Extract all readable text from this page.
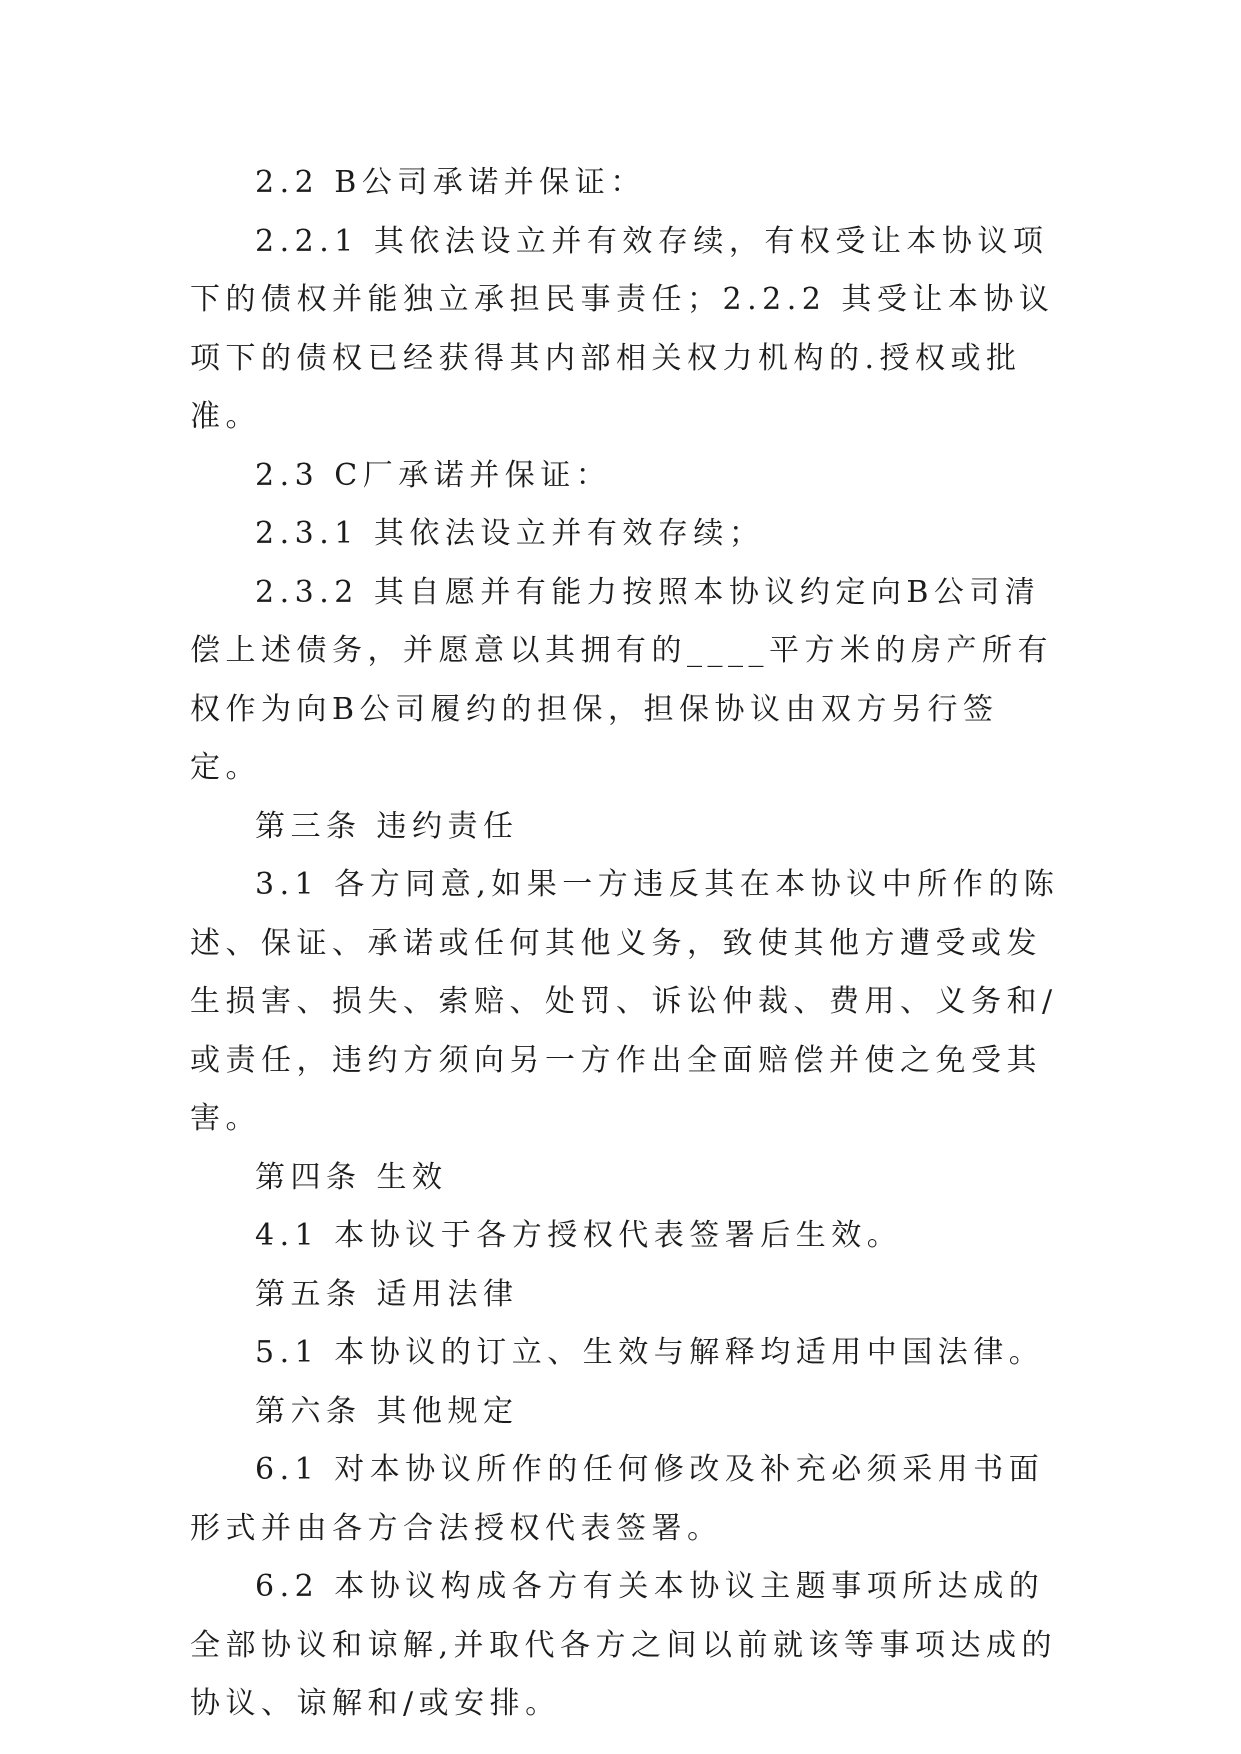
2.2 B公司承诺并保证：

2.2.1 其依法设立并有效存续，有权受让本协议项下的债权并能独立承担民事责任；2.2.2 其受让本协议项下的债权已经获得其内部相关权力机构的.授权或批准。

2.3 C厂承诺并保证：

2.3.1 其依法设立并有效存续；

2.3.2 其自愿并有能力按照本协议约定向B公司清偿上述债务，并愿意以其拥有的____平方米的房产所有权作为向B公司履约的担保，担保协议由双方另行签定。

第三条 违约责任

3.1 各方同意,如果一方违反其在本协议中所作的陈述、保证、承诺或任何其他义务，致使其他方遭受或发生损害、损失、索赔、处罚、诉讼仲裁、费用、义务和/或责任，违约方须向另一方作出全面赔偿并使之免受其害。

第四条 生效

4.1 本协议于各方授权代表签署后生效。

第五条 适用法律

5.1 本协议的订立、生效与解释均适用中国法律。

第六条 其他规定

6.1 对本协议所作的任何修改及补充必须采用书面形式并由各方合法授权代表签署。

6.2 本协议构成各方有关本协议主题事项所达成的全部协议和谅解,并取代各方之间以前就该等事项达成的协议、谅解和/或安排。
